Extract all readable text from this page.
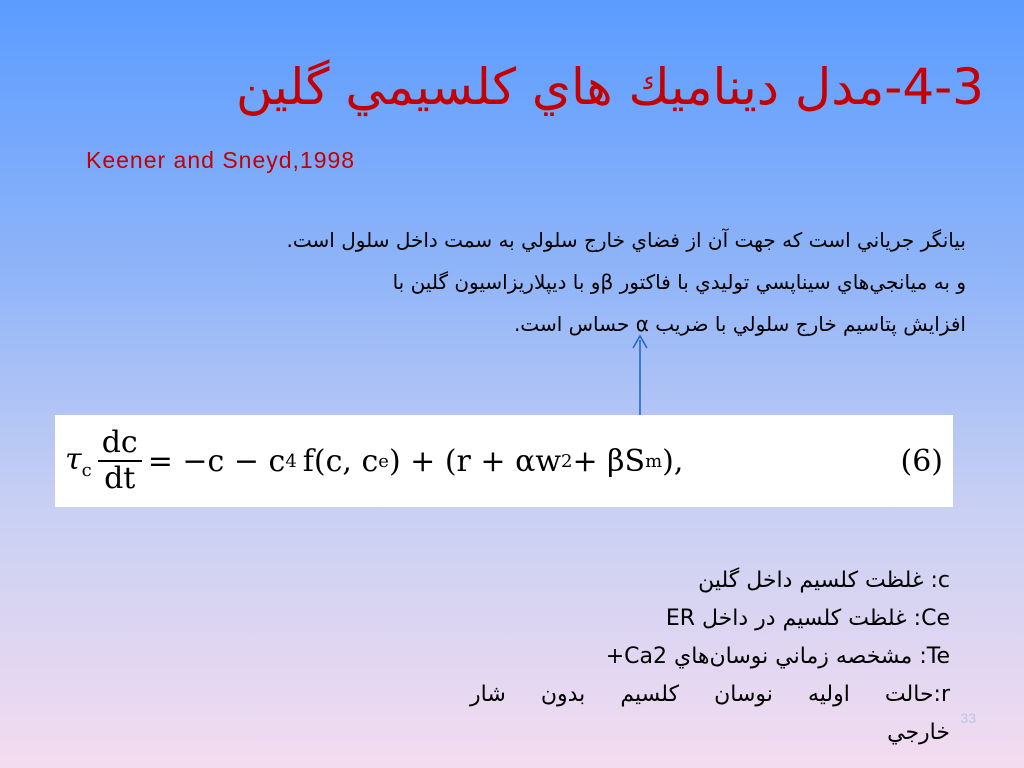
4-3-مدل ديناميك هاي كلسيمي گلين
Keener and Sneyd,1998

بيانگر جرياني است كه جهت آن از فضاي خارج سلولي به سمت داخل سلول است.

و به ميانجي‌هاي سيناپسي توليدي با فاكتور βو با ديپلاريزاسيون گلين با

افزايش پتاسيم خارج سلولي با ضريب α حساس است.

$\tau_c \frac{dc}{dt} = -c - c$ 4 f(c, c e ) + (r + αw 2 + βS m ),	(6)
c: غلظت كلسيم داخل گلين
Ce: غلظت كلسيم در داخل ER
Te: مشخصه زماني نوسان‌هاي Ca2+
r:حالت اوليه نوسان كلسيم بدون شار
خارجي
33
